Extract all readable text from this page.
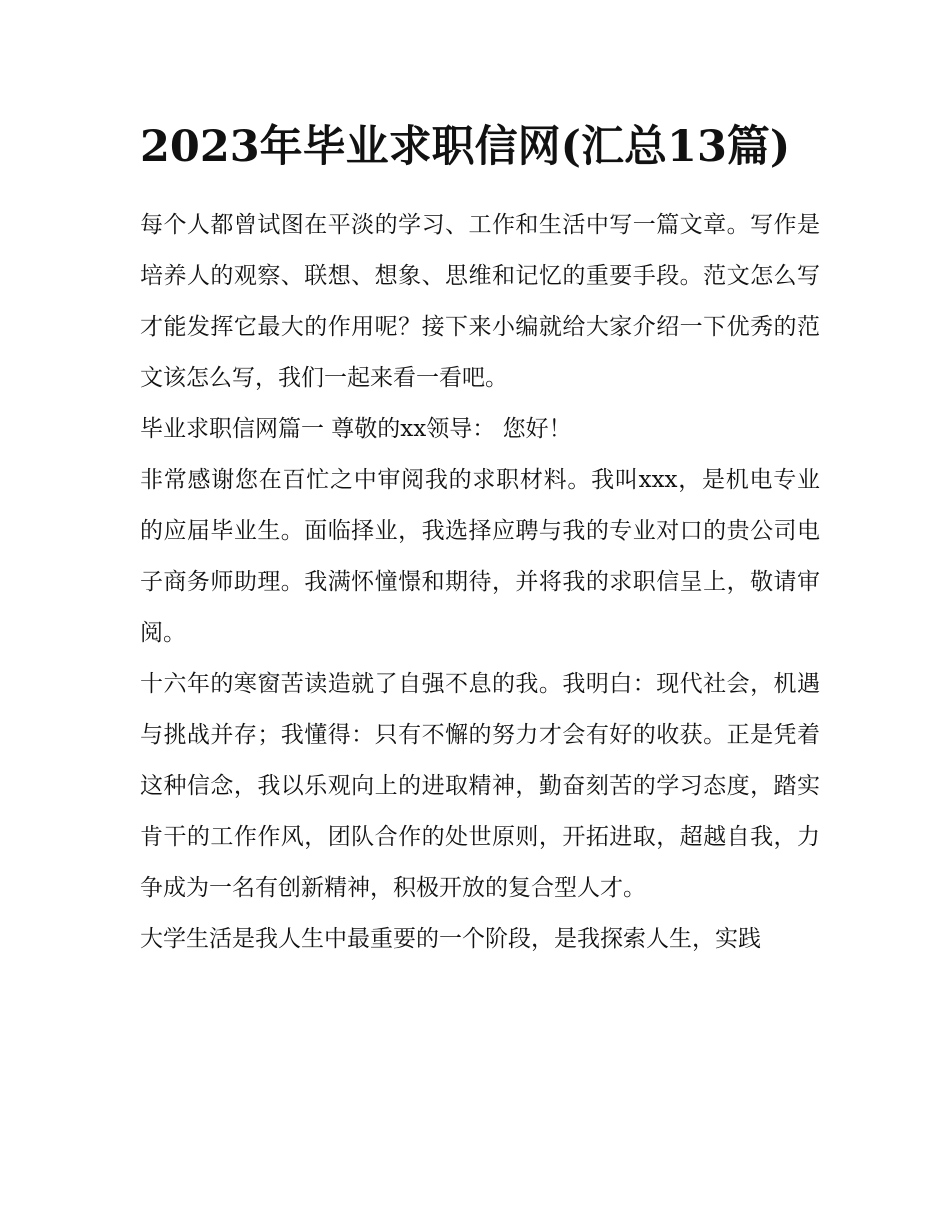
2023年毕业求职信网(汇总13篇)

每个人都曾试图在平淡的学习、工作和生活中写一篇文章。写作是培养人的观察、联想、想象、思维和记忆的重要手段。范文怎么写才能发挥它最大的作用呢？接下来小编就给大家介绍一下优秀的范文该怎么写，我们一起来看一看吧。

毕业求职信网篇一 尊敬的xx领导： 您好！

非常感谢您在百忙之中审阅我的求职材料。我叫xxx，是机电专业的应届毕业生。面临择业，我选择应聘与我的专业对口的贵公司电子商务师助理。我满怀憧憬和期待，并将我的求职信呈上，敬请审阅。

十六年的寒窗苦读造就了自强不息的我。我明白：现代社会，机遇与挑战并存；我懂得：只有不懈的努力才会有好的收获。正是凭着这种信念，我以乐观向上的进取精神，勤奋刻苦的学习态度，踏实肯干的工作作风，团队合作的处世原则，开拓进取，超越自我，力争成为一名有创新精神，积极开放的复合型人才。

大学生活是我人生中最重要的一个阶段，是我探索人生，实践
